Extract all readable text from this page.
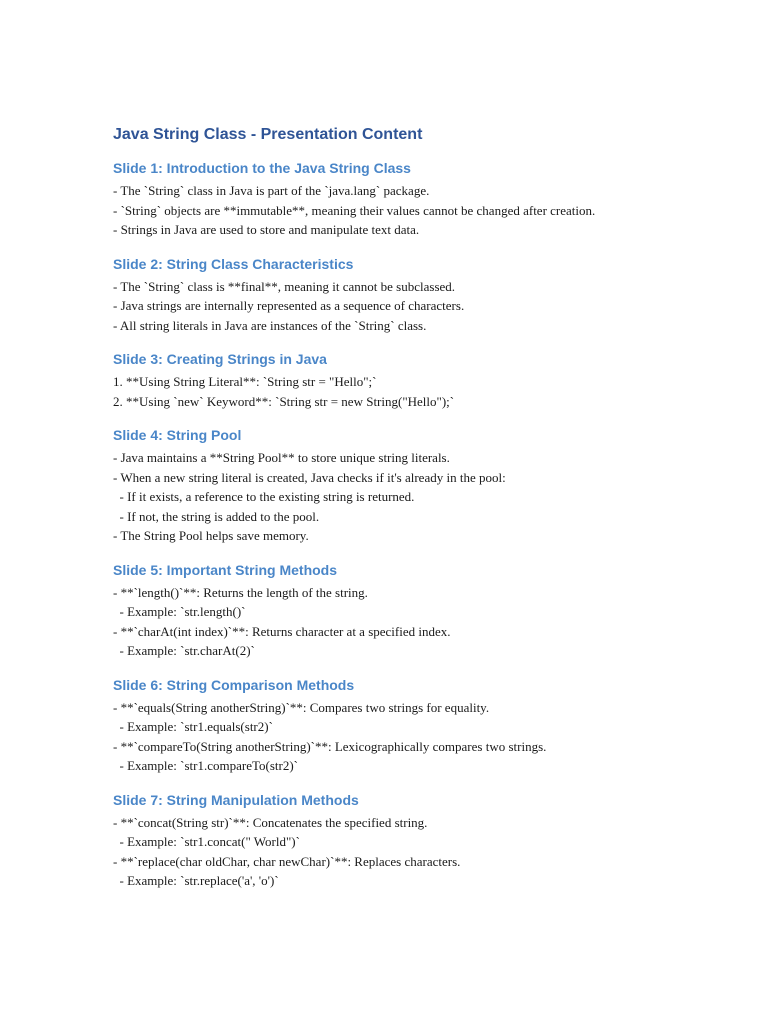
Java String Class - Presentation Content
Slide 1: Introduction to the Java String Class
- The `String` class in Java is part of the `java.lang` package.
- `String` objects are **immutable**, meaning their values cannot be changed after creation.
- Strings in Java are used to store and manipulate text data.
Slide 2: String Class Characteristics
- The `String` class is **final**, meaning it cannot be subclassed.
- Java strings are internally represented as a sequence of characters.
- All string literals in Java are instances of the `String` class.
Slide 3: Creating Strings in Java
1. **Using String Literal**: `String str = "Hello";`
2. **Using `new` Keyword**: `String str = new String("Hello");`
Slide 4: String Pool
- Java maintains a **String Pool** to store unique string literals.
- When a new string literal is created, Java checks if it's already in the pool:
- If it exists, a reference to the existing string is returned.
- If not, the string is added to the pool.
- The String Pool helps save memory.
Slide 5: Important String Methods
- **`length()`**: Returns the length of the string.
- Example: `str.length()`
- **`charAt(int index)`**: Returns character at a specified index.
- Example: `str.charAt(2)`
Slide 6: String Comparison Methods
- **`equals(String anotherString)`**: Compares two strings for equality.
- Example: `str1.equals(str2)`
- **`compareTo(String anotherString)`**: Lexicographically compares two strings.
- Example: `str1.compareTo(str2)`
Slide 7: String Manipulation Methods
- **`concat(String str)`**: Concatenates the specified string.
- Example: `str1.concat(" World")`
- **`replace(char oldChar, char newChar)`**: Replaces characters.
- Example: `str.replace('a', 'o')`
